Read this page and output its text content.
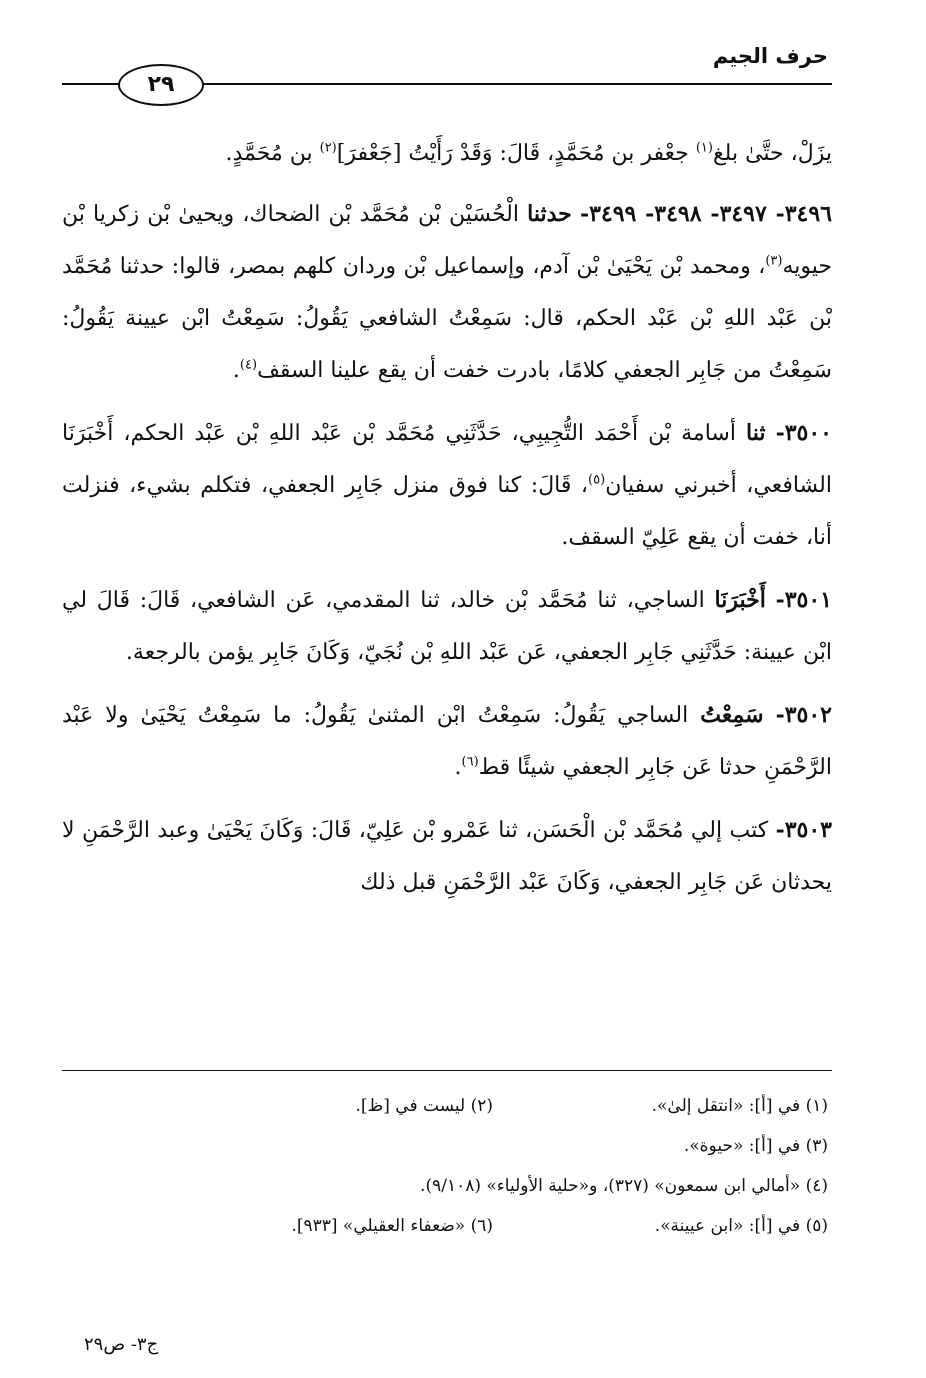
حرف الجيم
٢٩

يزَلْ، حتَّىٰ بلغ$^{(١)}$ جعْفر بن مُحَمَّدٍ، قَالَ: وَقَدْ رَأَيْتُ [جَعْفرَ]$^{(٢)}$ بن مُحَمَّدٍ.

٣٤٩٦- ٣٤٩٧- ٣٤٩٨- ٣٤٩٩- حدثنا الْحُسَيْن بْن مُحَمَّد بْن الضحاك، ويحيىٰ بْن زكريا بْن حيويه$^{(٣)}$، ومحمد بْن يَحْيَىٰ بْن آدم، وإسماعيل بْن وردان كلهم بمصر، قالوا: حدثنا مُحَمَّد بْن عَبْد اللهِ بْن عَبْد الحكم، قال: سَمِعْتُ الشافعي يَقُولُ: سَمِعْتُ ابْن عيينة يَقُولُ: سَمِعْتُ من جَابِر الجعفي كلامًا، بادرت خفت أن يقع علينا السقف$^{(٤)}$.

٣٥٠٠- ثنا أسامة بْن أَحْمَد التُّجِيبِي، حَدَّثَنِي مُحَمَّد بْن عَبْد اللهِ بْن عَبْد الحكم، أَخْبَرَنَا الشافعي، أخبرني سفيان$^{(٥)}$، قَالَ: كنا فوق منزل جَابِر الجعفي، فتكلم بشيء، فنزلت أنا، خفت أن يقع عَلِيّ السقف.

٣٥٠١- أَخْبَرَنَا الساجي، ثنا مُحَمَّد بْن خالد، ثنا المقدمي، عَن الشافعي، قَالَ: قَالَ لي ابْن عيينة: حَدَّثَنِي جَابِر الجعفي، عَن عَبْد اللهِ بْن نُجَيّ، وَكَانَ جَابِر يؤمن بالرجعة.

٣٥٠٢- سَمِعْتُ الساجي يَقُولُ: سَمِعْتُ ابْن المثنىٰ يَقُولُ: ما سَمِعْتُ يَحْيَىٰ ولا عَبْد الرَّحْمَنِ حدثا عَن جَابِر الجعفي شيئًا قط$^{(٦)}$.

٣٥٠٣- كتب إلي مُحَمَّد بْن الْحَسَن، ثنا عَمْرو بْن عَلِيّ، قَالَ: وَكَانَ يَحْيَىٰ وعبد الرَّحْمَنِ لا يحدثان عَن جَابِر الجعفي، وَكَانَ عَبْد الرَّحْمَنِ قبل ذلك

(١) في [أ]: «انتقل إلىٰ».
(٢) ليست في [ظ].
(٣) في [أ]: «حيوة».
(٤) «أمالي ابن سمعون» (٣٢٧)، و«حلية الأولياء» (٩/١٠٨).
(٥) في [أ]: «ابن عيينة».
(٦) «ضعفاء العقيلي» [٩٣٣].
ج٣- ص٢٩
